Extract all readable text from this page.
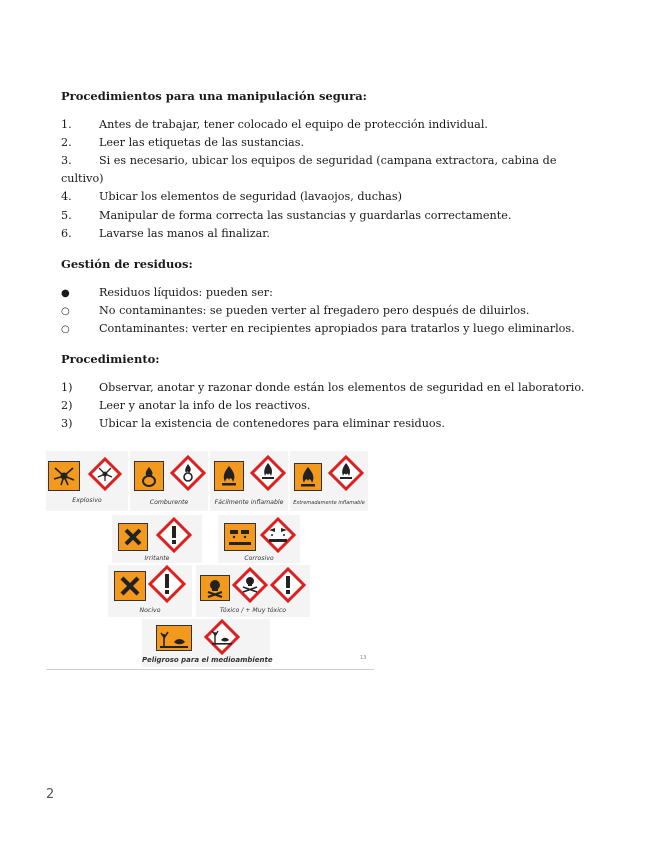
Procedimientos para una manipulación segura:
1. Antes de trabajar, tener colocado el equipo de protección individual.
2. Leer las etiquetas de las sustancias.
3. Si es necesario, ubicar los equipos de seguridad (campana extractora, cabina de
cultivo)
4. Ubicar los elementos de seguridad (lavaojos, duchas)
5. Manipular de forma correcta las sustancias y guardarlas correctamente.
6. Lavarse las manos al finalizar.
Gestión de residuos:
●	Residuos líquidos: pueden ser:
○	No contaminantes: se pueden verter al fregadero pero después de diluirlos.
○	Contaminantes: verter en recipientes apropiados para tratarlos y luego eliminarlos.
Procedimiento:
1) Observar, anotar y razonar donde están los elementos de seguridad en el laboratorio.
2) Leer y anotar la info de los reactivos.
3) Ubicar la existencia de contenedores para eliminar residuos.
Explosivo	Comburente	Fácilmente inflamable	Extremadamente inflamable
Irritante	Corrosivo
Nocivo	Tóxico / + Muy tóxico
Peligroso para el medioambiente	13
2
